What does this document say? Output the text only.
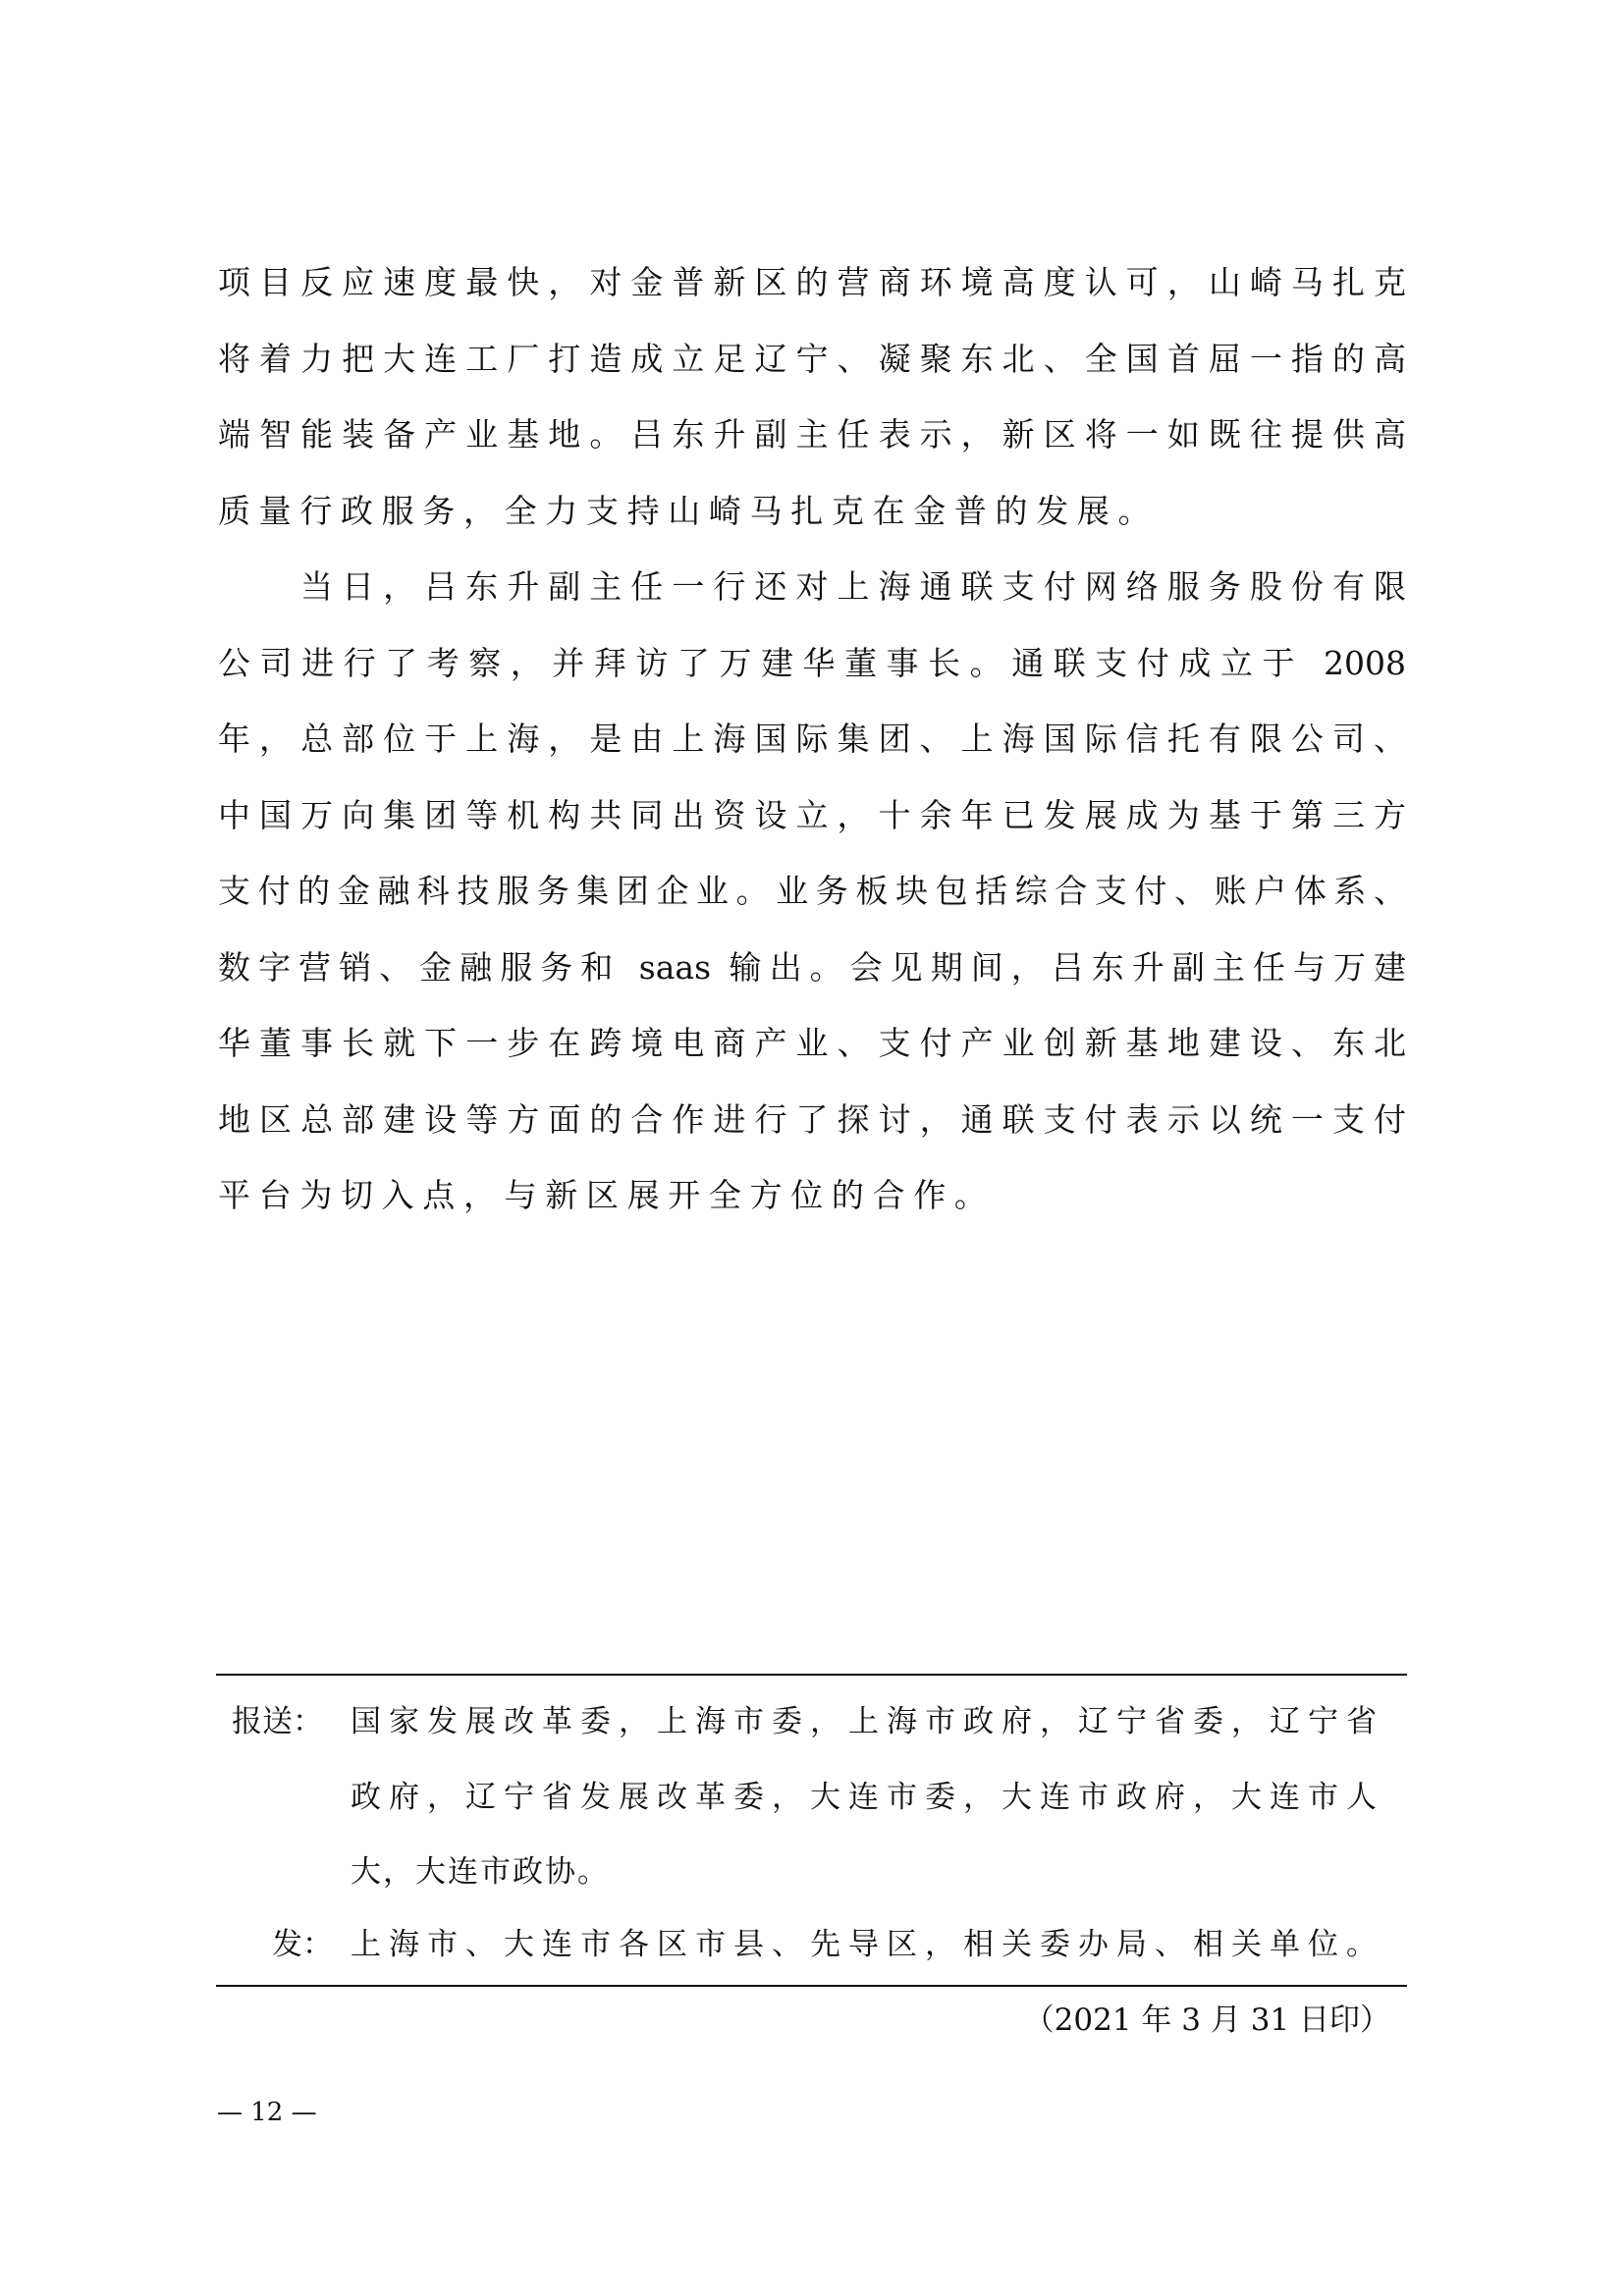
项目反应速度最快，对金普新区的营商环境高度认可，山崎马扎克
将着力把大连工厂打造成立足辽宁、凝聚东北、全国首屈一指的高
端智能装备产业基地。吕东升副主任表示，新区将一如既往提供高
质量行政服务，全力支持山崎马扎克在金普的发展。
当日，吕东升副主任一行还对上海通联支付网络服务股份有限
公司进行了考察，并拜访了万建华董事长。通联支付成立于 2008
年，总部位于上海，是由上海国际集团、上海国际信托有限公司、
中国万向集团等机构共同出资设立，十余年已发展成为基于第三方
支付的金融科技服务集团企业。业务板块包括综合支付、账户体系、
数字营销、金融服务和 saas 输出。会见期间，吕东升副主任与万建
华董事长就下一步在跨境电商产业、支付产业创新基地建设、东北
地区总部建设等方面的合作进行了探讨，通联支付表示以统一支付
平台为切入点，与新区展开全方位的合作。
报送： 国家发展改革委，上海市委，上海市政府，辽宁省委，辽宁省
政府，辽宁省发展改革委，大连市委，大连市政府，大连市人
大，大连市政协。
发： 上海市、大连市各区市县、先导区，相关委办局、相关单位。
（2021 年 3 月 31 日印）
— 12 —
